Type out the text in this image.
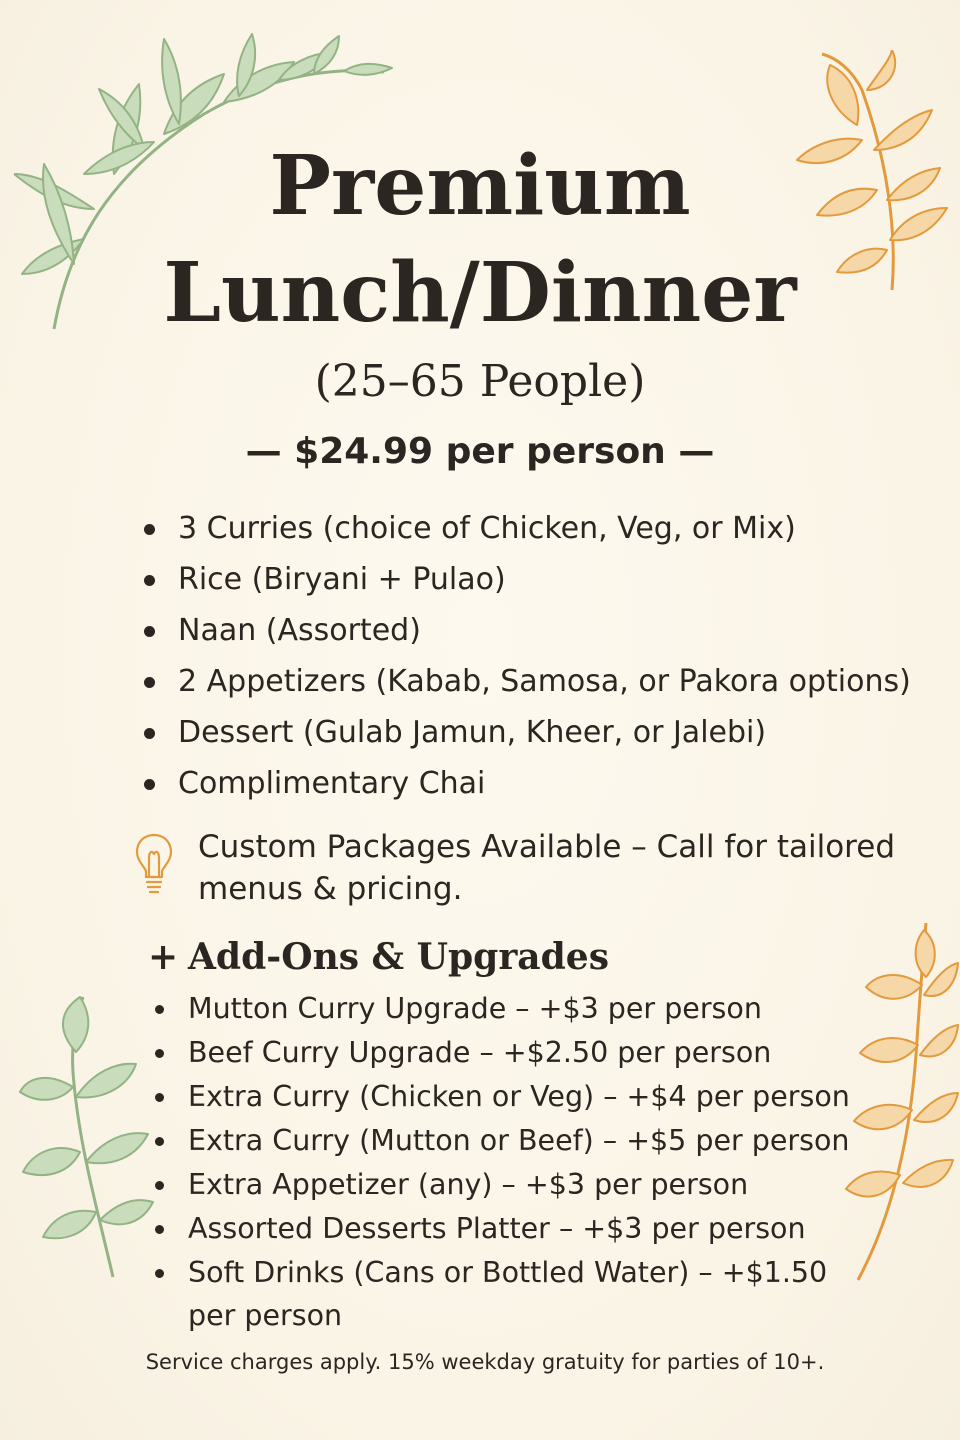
Premium
Lunch/Dinner
(25–65 People)
— $24.99 per person —
3 Curries (choice of Chicken, Veg, or Mix)
Rice (Biryani + Pulao)
Naan (Assorted)
2 Appetizers (Kabab, Samosa, or Pakora options)
Dessert (Gulab Jamun, Kheer, or Jalebi)
Complimentary Chai
Custom Packages Available – Call for tailored menus & pricing.
+ Add-Ons & Upgrades
Mutton Curry Upgrade – +$3 per person
Beef Curry Upgrade – +$2.50 per person
Extra Curry (Chicken or Veg) – +$4 per person
Extra Curry (Mutton or Beef) – +$5 per person
Extra Appetizer (any) – +$3 per person
Assorted Desserts Platter – +$3 per person
Soft Drinks (Cans or Bottled Water) – +$1.50 per person
Service charges apply. 15% weekday gratuity for parties of 10+.
